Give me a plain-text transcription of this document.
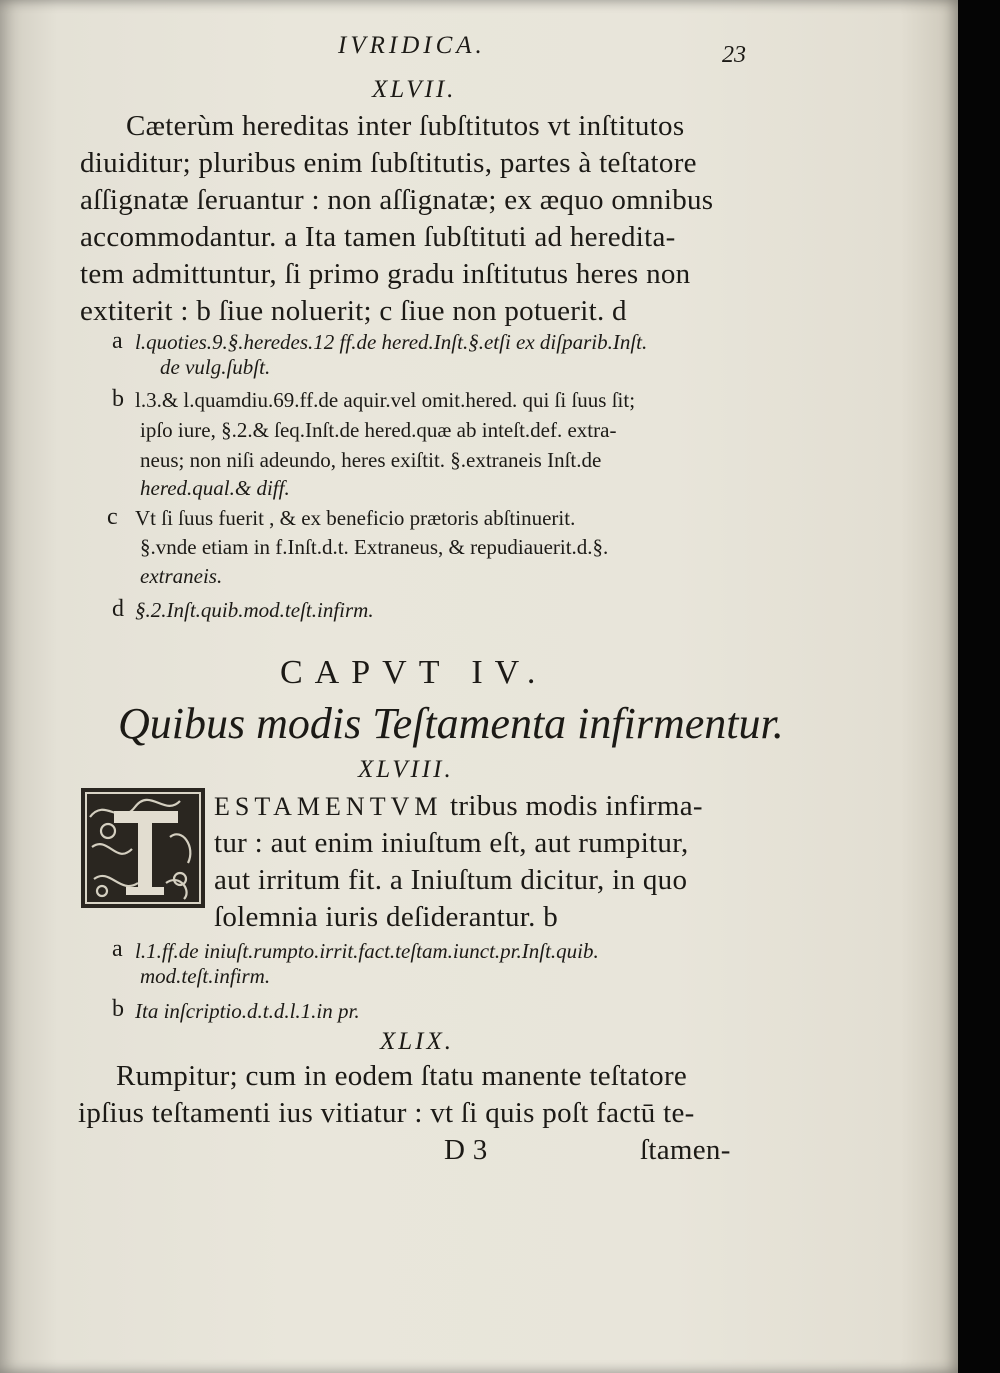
IVRIDICA.	23
XLVII.
Cæterùm hereditas inter ſubſtitutos vt inſtitutos
diuiditur; pluribus enim ſubſtitutis, partes à teſtatore
aſſignatæ ſeruantur : non aſſignatæ; ex æquo omnibus
accommodantur. a Ita tamen ſubſtituti ad heredita-
tem admittuntur, ſi primo gradu inſtitutus heres non
extiterit : b ſiue noluerit; c ſiue non potuerit. d
a l.quoties.9.§.heredes.12 ff.de hered.Inſt.§.etſi ex diſparib.Inſt.
de vulg.ſubſt.
b l.3.& l.quamdiu.69.ff.de aquir.vel omit.hered. qui ſi ſuus ſit;
ipſo iure, §.2.& ſeq.Inſt.de hered.quæ ab inteſt.def. extra-
neus; non niſi adeundo, heres exiſtit. §.extraneis Inſt.de
hered.qual.& diff.
c Vt ſi ſuus fuerit , & ex beneficio prætoris abſtinuerit.
§.vnde etiam in f.Inſt.d.t. Extraneus, & repudiauerit.d.§.
extraneis.
d §.2.Inſt.quib.mod.teſt.infirm.
CAPVT IV.
Quibus modis Teſtamenta infirmentur.
XLVIII.
ESTAMENTVM tribus modis infirma-
tur : aut enim iniuſtum eſt, aut rumpitur,
aut irritum fit. a Iniuſtum dicitur, in quo
ſolemnia iuris deſiderantur. b
a l.1.ff.de iniuſt.rumpto.irrit.fact.teſtam.iunct.pr.Inſt.quib.
mod.teſt.infirm.
b Ita inſcriptio.d.t.d.l.1.in pr.
XLIX.
Rumpitur; cum in eodem ſtatu manente teſtatore
ipſius teſtamenti ius vitiatur : vt ſi quis poſt factū te-
D 3	ſtamen-
